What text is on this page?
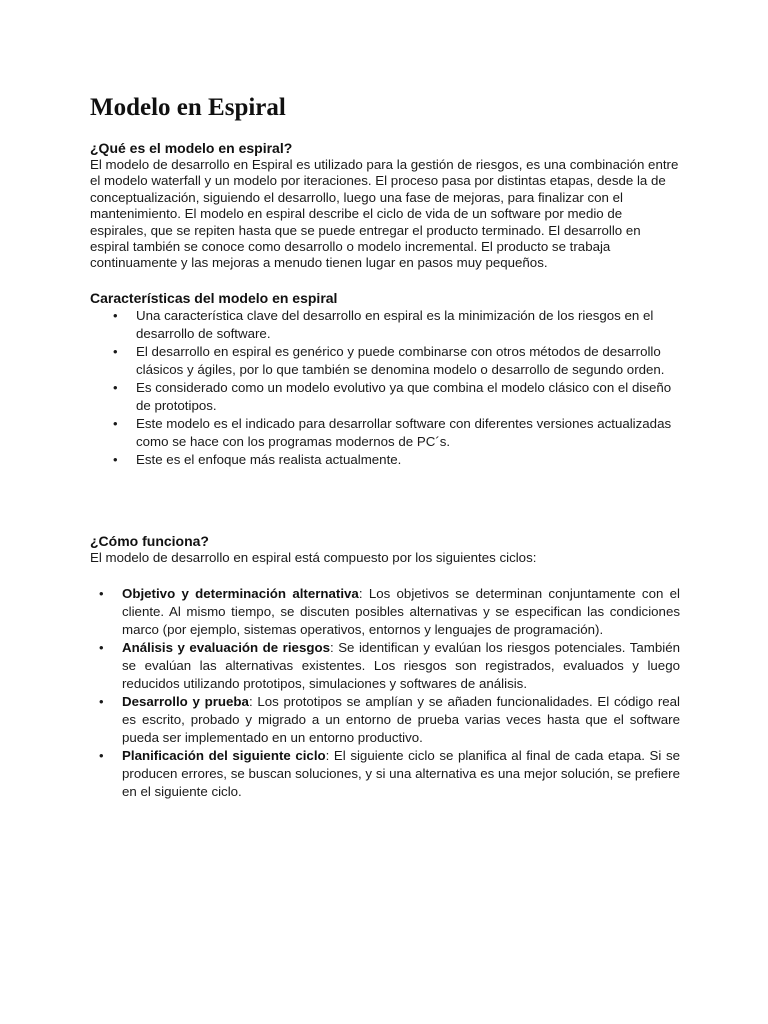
Modelo en Espiral
¿Qué es el modelo en espiral?

El modelo de desarrollo en Espiral es utilizado para la gestión de riesgos, es una combinación entre el modelo waterfall y un modelo por iteraciones. El proceso pasa por distintas etapas, desde la de conceptualización, siguiendo el desarrollo, luego una fase de mejoras, para finalizar con el mantenimiento. El modelo en espiral describe el ciclo de vida de un software por medio de espirales, que se repiten hasta que se puede entregar el producto terminado. El desarrollo en espiral también se conoce como desarrollo o modelo incremental. El producto se trabaja continuamente y las mejoras a menudo tienen lugar en pasos muy pequeños.

Características del modelo en espiral
• Una característica clave del desarrollo en espiral es la minimización de los riesgos en el desarrollo de software.
• El desarrollo en espiral es genérico y puede combinarse con otros métodos de desarrollo clásicos y ágiles, por lo que también se denomina modelo o desarrollo de segundo orden.
• Es considerado como un modelo evolutivo ya que combina el modelo clásico con el diseño de prototipos.
• Este modelo es el indicado para desarrollar software con diferentes versiones actualizadas como se hace con los programas modernos de PC´s.
• Este es el enfoque más realista actualmente.
¿Cómo funciona?

El modelo de desarrollo en espiral está compuesto por los siguientes ciclos:

• Objetivo y determinación alternativa: Los objetivos se determinan conjuntamente con el cliente. Al mismo tiempo, se discuten posibles alternativas y se especifican las condiciones marco (por ejemplo, sistemas operativos, entornos y lenguajes de programación).
• Análisis y evaluación de riesgos: Se identifican y evalúan los riesgos potenciales. También se evalúan las alternativas existentes. Los riesgos son registrados, evaluados y luego reducidos utilizando prototipos, simulaciones y softwares de análisis.
• Desarrollo y prueba: Los prototipos se amplían y se añaden funcionalidades. El código real es escrito, probado y migrado a un entorno de prueba varias veces hasta que el software pueda ser implementado en un entorno productivo.
• Planificación del siguiente ciclo: El siguiente ciclo se planifica al final de cada etapa. Si se producen errores, se buscan soluciones, y si una alternativa es una mejor solución, se prefiere en el siguiente ciclo.
